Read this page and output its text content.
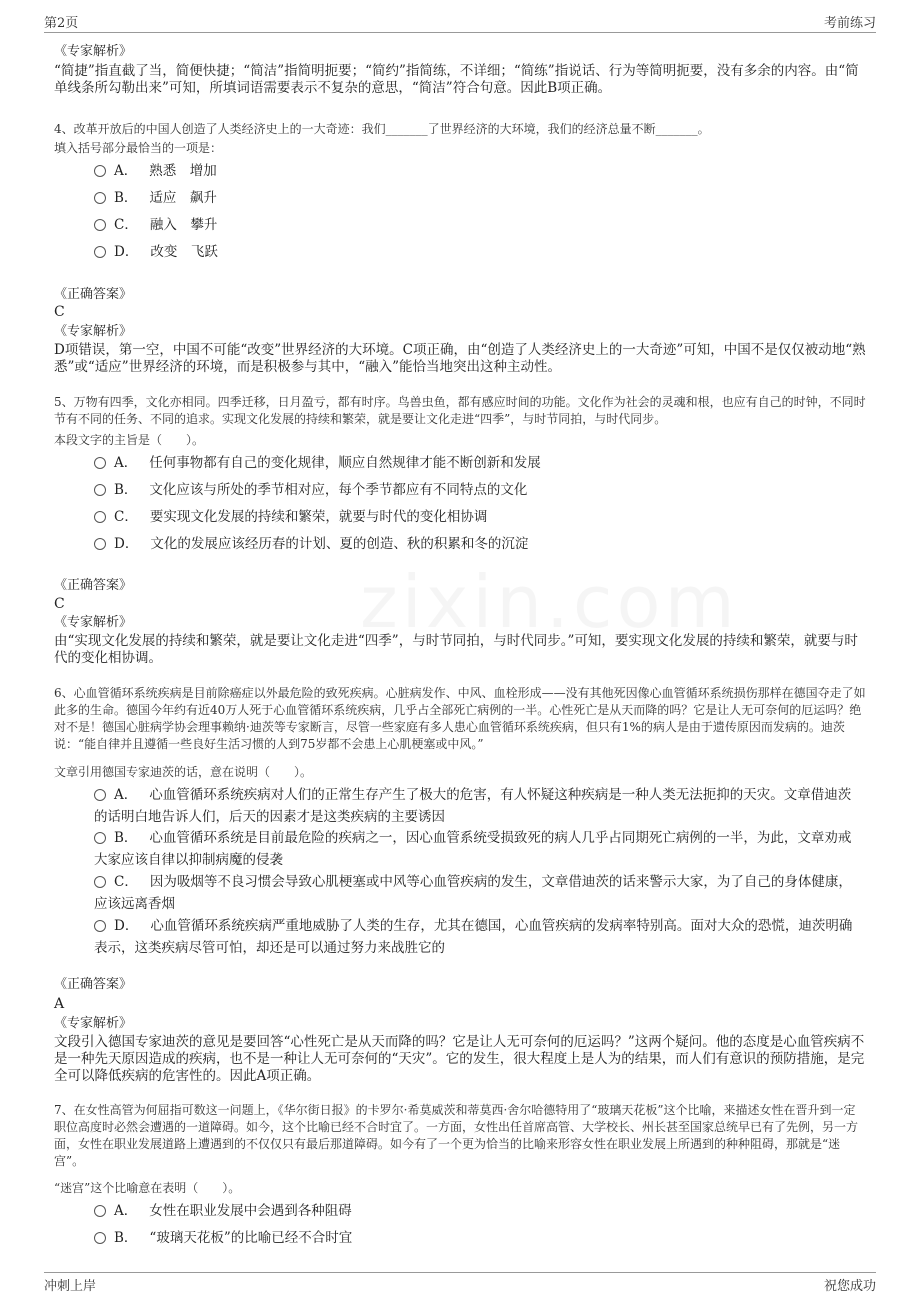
第2页	考前练习
《专家解析》
“简捷”指直截了当，简便快捷；“简洁”指简明扼要；“简约”指简练，不详细；“简练”指说话、行为等简明扼要，没有多余的内容。由“简单线条所勾勒出来”可知，所填词语需要表示不复杂的意思，“简洁”符合句意。因此B项正确。
4、改革开放后的中国人创造了人类经济史上的一大奇迹：我们_______了世界经济的大环境，我们的经济总量不断_______。
填入括号部分最恰当的一项是：
A． 熟悉　增加
B． 适应　飙升
C． 融入　攀升
D． 改变　飞跃
《正确答案》
C
《专家解析》
D项错误，第一空，中国不可能“改变”世界经济的大环境。C项正确，由“创造了人类经济史上的一大奇迹”可知，中国不是仅仅被动地“熟悉”或“适应”世界经济的环境，而是积极参与其中，“融入”能恰当地突出这种主动性。
5、万物有四季，文化亦相同。四季迁移，日月盈亏，都有时序。鸟兽虫鱼，都有感应时间的功能。文化作为社会的灵魂和根，也应有自己的时钟，不同时节有不同的任务、不同的追求。实现文化发展的持续和繁荣，就是要让文化走进“四季”，与时节同拍，与时代同步。
本段文字的主旨是（　　）。
A． 任何事物都有自己的变化规律，顺应自然规律才能不断创新和发展
B． 文化应该与所处的季节相对应，每个季节都应有不同特点的文化
C． 要实现文化发展的持续和繁荣，就要与时代的变化相协调
D． 文化的发展应该经历春的计划、夏的创造、秋的积累和冬的沉淀
《正确答案》
C
《专家解析》
由“实现文化发展的持续和繁荣，就是要让文化走进“四季”，与时节同拍，与时代同步。”可知，要实现文化发展的持续和繁荣，就要与时代的变化相协调。
6、心血管循环系统疾病是目前除癌症以外最危险的致死疾病。心脏病发作、中风、血栓形成——没有其他死因像心血管循环系统损伤那样在德国夺走了如此多的生命。德国今年约有近40万人死于心血管循环系统疾病，几乎占全部死亡病例的一半。心性死亡是从天而降的吗？它是让人无可奈何的厄运吗？绝对不是！德国心脏病学协会理事赖纳·迪茨等专家断言，尽管一些家庭有多人患心血管循环系统疾病，但只有1%的病人是由于遗传原因而发病的。迪茨说：“能自律并且遵循一些良好生活习惯的人到75岁都不会患上心肌梗塞或中风。”
文章引用德国专家迪茨的话，意在说明（　　）。
A． 心血管循环系统疾病对人们的正常生存产生了极大的危害，有人怀疑这种疾病是一种人类无法扼抑的天灾。文章借迪茨的话明白地告诉人们，后天的因素才是这类疾病的主要诱因
B． 心血管循环系统是目前最危险的疾病之一，因心血管系统受损致死的病人几乎占同期死亡病例的一半，为此，文章劝戒大家应该自律以抑制病魔的侵袭
C． 因为吸烟等不良习惯会导致心肌梗塞或中风等心血管疾病的发生，文章借迪茨的话来警示大家，为了自己的身体健康，应该远离香烟
D． 心血管循环系统疾病严重地威胁了人类的生存，尤其在德国，心血管疾病的发病率特别高。面对大众的恐慌，迪茨明确表示，这类疾病尽管可怕，却还是可以通过努力来战胜它的
《正确答案》
A
《专家解析》
文段引入德国专家迪茨的意见是要回答“心性死亡是从天而降的吗？它是让人无可奈何的厄运吗？”这两个疑问。他的态度是心血管疾病不是一种先天原因造成的疾病，也不是一种让人无可奈何的“天灾”。它的发生，很大程度上是人为的结果，而人们有意识的预防措施，是完全可以降低疾病的危害性的。因此A项正确。
7、在女性高管为何屈指可数这一问题上，《华尔街日报》的卡罗尔·希莫威茨和蒂莫西·舍尔哈德特用了“玻璃天花板”这个比喻，来描述女性在晋升到一定职位高度时必然会遭遇的一道障碍。如今，这个比喻已经不合时宜了。一方面，女性出任首席高管、大学校长、州长甚至国家总统早已有了先例，另一方面，女性在职业发展道路上遭遇到的不仅仅只有最后那道障碍。如今有了一个更为恰当的比喻来形容女性在职业发展上所遇到的种种阻碍，那就是“迷宫”。
“迷宫”这个比喻意在表明（　　）。
A． 女性在职业发展中会遇到各种阻碍
B． “玻璃天花板”的比喻已经不合时宜
冲刺上岸	祝您成功
